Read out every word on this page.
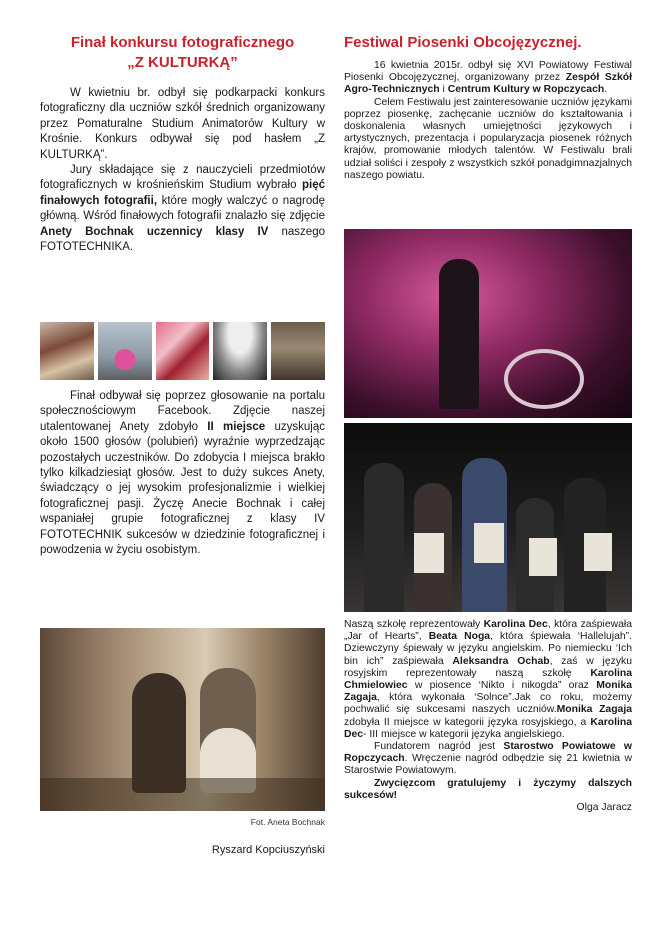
Finał konkursu fotograficznego
„Z KULTURKĄ”

W kwietniu br. odbył się podkarpacki konkurs fotograficzny dla uczniów szkół średnich organizowany przez Pomaturalne Studium Animatorów Kultury w Krośnie. Konkurs odbywał się pod hasłem „Z KULTURKĄ”.

Jury składające się z nauczycieli przedmiotów fotograficznych w krośnieńskim Studium wybrało pięć finałowych fotografii, które mogły walczyć o nagrodę główną. Wśród finałowych fotografii znalazło się zdjęcie Anety Bochnak uczennicy klasy IV naszego FOTOTECHNIKA.

Finał odbywał się poprzez głosowanie na portalu społecznościowym Facebook. Zdjęcie naszej utalentowanej Anety zdobyło II miejsce uzyskując około 1500 głosów (polubień) wyraźnie wyprzedzając pozostałych uczestników. Do zdobycia I miejsca brakło tylko kilkadziesiąt głosów. Jest to duży sukces Anety, świadczący o jej wysokim profesjonalizmie i wielkiej fotograficznej pasji. Życzę Anecie Bochnak i całej wspaniałej grupie fotograficznej z klasy IV FOTOTECHNIK sukcesów w dziedzinie fotograficznej i powodzenia w życiu osobistym.

Fot. Aneta Bochnak
Ryszard Kopciuszyński
Festiwal Piosenki Obcojęzycznej.

16 kwietnia 2015r. odbył się XVI Powiatowy Festiwal Piosenki Obcojęzycznej, organizowany przez Zespół Szkół Agro-Technicznych i Centrum Kultury w Ropczycach.

Celem Festiwalu jest zainteresowanie uczniów językami poprzez piosenkę, zachęcanie uczniów do kształtowania i doskonalenia własnych umiejętności językowych i artystycznych, prezentacja i popularyzacja piosenek różnych krajów, promowanie młodych talentów. W Festiwalu brali udział soliści i zespoły z wszystkich szkół ponadgimnazjalnych naszego powiatu.

Naszą szkołę reprezentowały Karolina Dec, która zaśpiewała „Jar of Hearts”, Beata Noga, która śpiewała ‘Hallelujah”. Dziewczyny śpiewały w języku angielskim. Po niemiecku ‘Ich bin ich” zaśpiewała Aleksandra Ochab, zaś w języku rosyjskim reprezentowały naszą szkołę Karolina Chmielowiec w piosence ‘Nikto i nikogda” oraz Monika Zagaja, która wykonała ‘Solnce”.Jak co roku, możemy pochwalić się sukcesami naszych uczniów.Monika Zagaja zdobyła II miejsce w kategorii języka rosyjskiego, a Karolina Dec- III miejsce w kategorii języka angielskiego.

Fundatorem nagród jest Starostwo Powiatowe w Ropczycach. Wręczenie nagród odbędzie się 21 kwietnia w Starostwie Powiatowym.

Zwycięzcom gratulujemy i życzymy dalszych sukcesów!

Olga Jaracz
